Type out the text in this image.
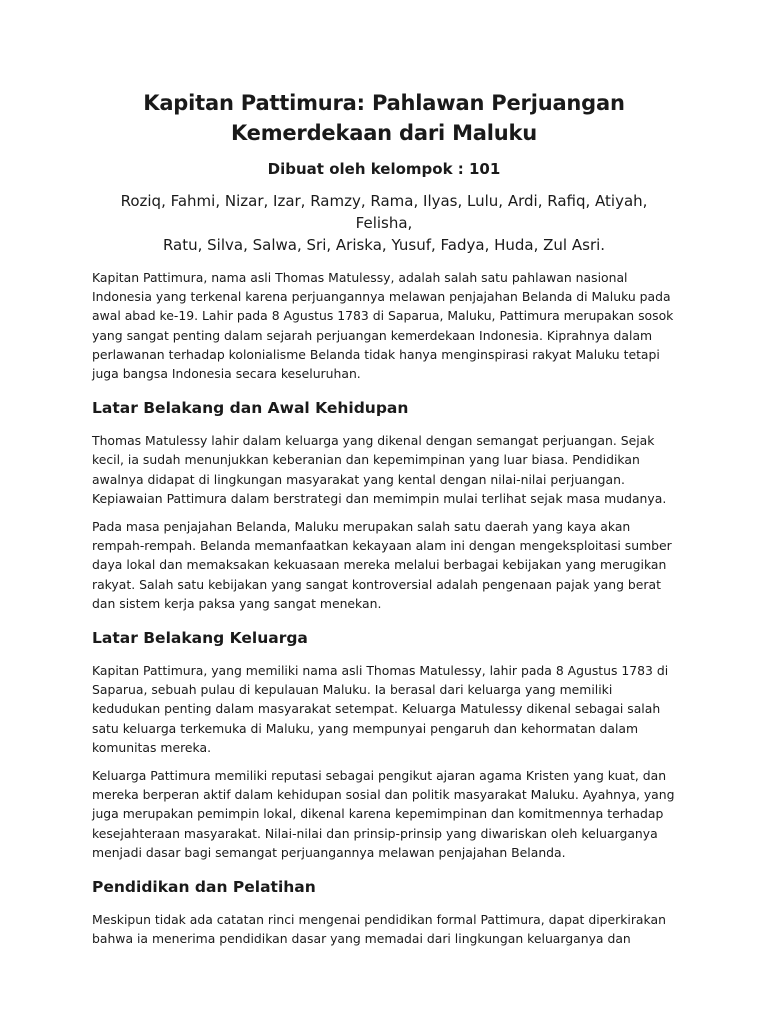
Kapitan Pattimura: Pahlawan Perjuangan
Kemerdekaan dari Maluku

Dibuat oleh kelompok : 101

Roziq, Fahmi, Nizar, Izar, Ramzy, Rama, Ilyas, Lulu, Ardi, Rafiq, Atiyah, Felisha,
Ratu, Silva, Salwa, Sri, Ariska, Yusuf, Fadya, Huda, Zul Asri.

Kapitan Pattimura, nama asli Thomas Matulessy, adalah salah satu pahlawan nasional Indonesia yang terkenal karena perjuangannya melawan penjajahan Belanda di Maluku pada awal abad ke-19. Lahir pada 8 Agustus 1783 di Saparua, Maluku, Pattimura merupakan sosok yang sangat penting dalam sejarah perjuangan kemerdekaan Indonesia. Kiprahnya dalam perlawanan terhadap kolonialisme Belanda tidak hanya menginspirasi rakyat Maluku tetapi juga bangsa Indonesia secara keseluruhan.

Latar Belakang dan Awal Kehidupan

Thomas Matulessy lahir dalam keluarga yang dikenal dengan semangat perjuangan. Sejak kecil, ia sudah menunjukkan keberanian dan kepemimpinan yang luar biasa. Pendidikan awalnya didapat di lingkungan masyarakat yang kental dengan nilai-nilai perjuangan. Kepiawaian Pattimura dalam berstrategi dan memimpin mulai terlihat sejak masa mudanya.

Pada masa penjajahan Belanda, Maluku merupakan salah satu daerah yang kaya akan rempah-rempah. Belanda memanfaatkan kekayaan alam ini dengan mengeksploitasi sumber daya lokal dan memaksakan kekuasaan mereka melalui berbagai kebijakan yang merugikan rakyat. Salah satu kebijakan yang sangat kontroversial adalah pengenaan pajak yang berat dan sistem kerja paksa yang sangat menekan.

Latar Belakang Keluarga

Kapitan Pattimura, yang memiliki nama asli Thomas Matulessy, lahir pada 8 Agustus 1783 di Saparua, sebuah pulau di kepulauan Maluku. Ia berasal dari keluarga yang memiliki kedudukan penting dalam masyarakat setempat. Keluarga Matulessy dikenal sebagai salah satu keluarga terkemuka di Maluku, yang mempunyai pengaruh dan kehormatan dalam komunitas mereka.

Keluarga Pattimura memiliki reputasi sebagai pengikut ajaran agama Kristen yang kuat, dan mereka berperan aktif dalam kehidupan sosial dan politik masyarakat Maluku. Ayahnya, yang juga merupakan pemimpin lokal, dikenal karena kepemimpinan dan komitmennya terhadap kesejahteraan masyarakat. Nilai-nilai dan prinsip-prinsip yang diwariskan oleh keluarganya menjadi dasar bagi semangat perjuangannya melawan penjajahan Belanda.

Pendidikan dan Pelatihan

Meskipun tidak ada catatan rinci mengenai pendidikan formal Pattimura, dapat diperkirakan bahwa ia menerima pendidikan dasar yang memadai dari lingkungan keluarganya dan
